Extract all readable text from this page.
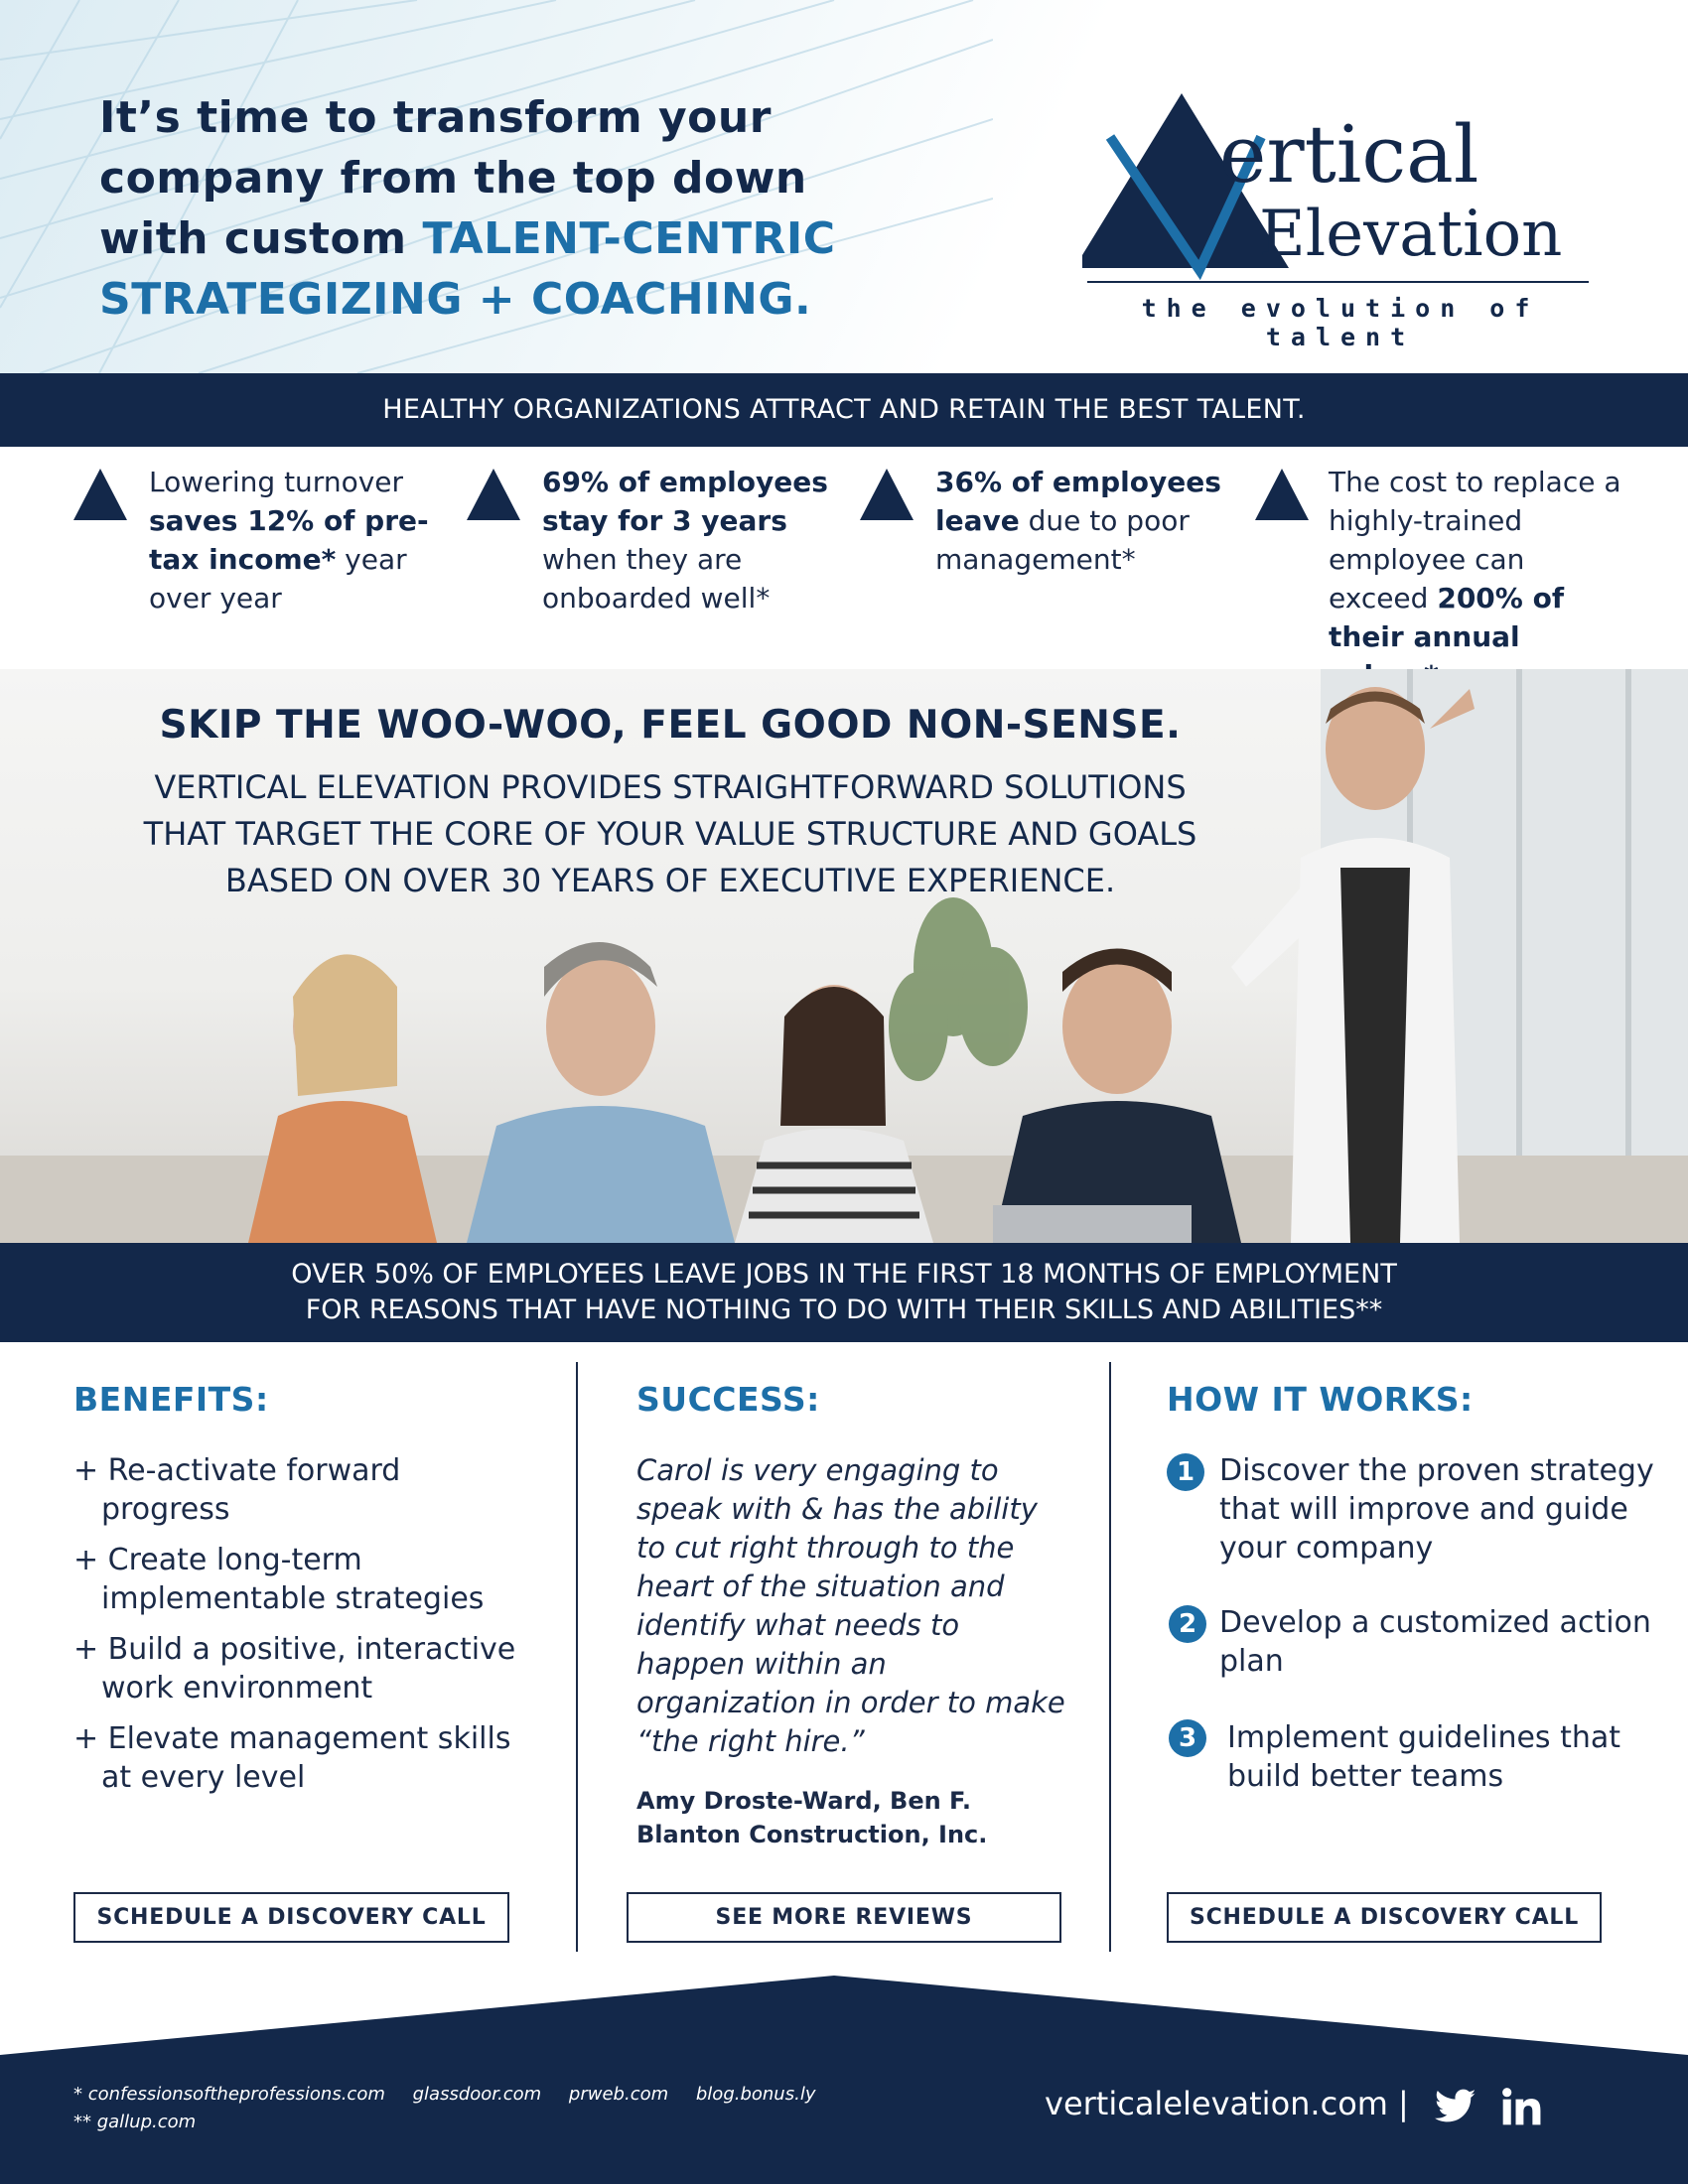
It’s time to transform your
company from the top down
with custom TALENT-CENTRIC
STRATEGIZING + COACHING.
ertical
Elevation
the evolution of talent
HEALTHY ORGANIZATIONS ATTRACT AND RETAIN THE BEST TALENT.
Lowering turnover saves 12% of pre-tax income* year over year
69% of employees stay for 3 years when they are onboarded well*
36% of employees leave due to poor management*
The cost to replace a highly-trained employee can exceed 200% of their annual
SKIP THE WOO-WOO, FEEL GOOD NON-SENSE.
VERTICAL ELEVATION PROVIDES STRAIGHTFORWARD SOLUTIONS
THAT TARGET THE CORE OF YOUR VALUE STRUCTURE AND GOALS
BASED ON OVER 30 YEARS OF EXECUTIVE EXPERIENCE.
OVER 50% OF EMPLOYEES LEAVE JOBS IN THE FIRST 18 MONTHS OF EMPLOYMENT
FOR REASONS THAT HAVE NOTHING TO DO WITH THEIR SKILLS AND ABILITIES**
BENEFITS:
+ Re-activate forward progress
+ Create long-term implementable strategies
+ Build a positive, interactive work environment
+ Elevate management skills at every level
SCHEDULE A DISCOVERY CALL
SUCCESS:
Carol is very engaging to speak with & has the ability to cut right through to the heart of the situation and identify what needs to happen within an organization in order to make “the right hire.”
Amy Droste-Ward, Ben F. Blanton Construction, Inc.
SEE MORE REVIEWS
HOW IT WORKS:
1 Discover the proven strategy that will improve and guide your company
2 Develop a customized action plan
3	Implement guidelines that build better teams
SCHEDULE A DISCOVERY CALL
* confessionsoftheprofessions.com glassdoor.com prweb.com blog.bonus.ly
** gallup.com	verticalelevation.com |
